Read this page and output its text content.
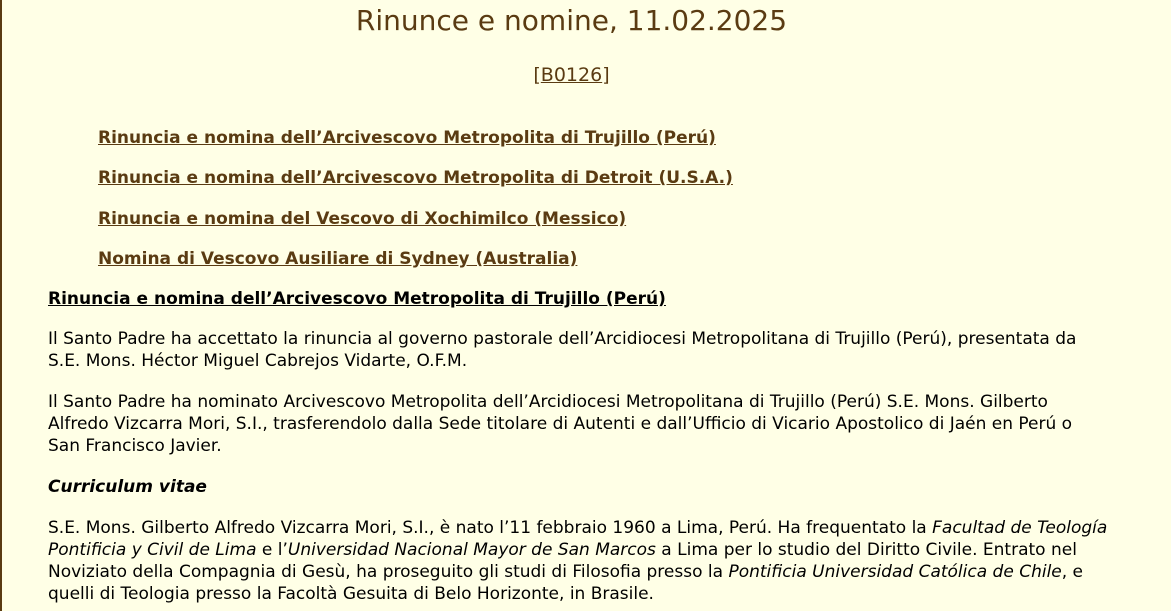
Rinunce e nomine, 11.02.2025
[B0126]
Rinuncia e nomina dell’Arcivescovo Metropolita di Trujillo (Perú)
Rinuncia e nomina dell’Arcivescovo Metropolita di Detroit (U.S.A.)
Rinuncia e nomina del Vescovo di Xochimilco (Messico)
Nomina di Vescovo Ausiliare di Sydney (Australia)
Rinuncia e nomina dell’Arcivescovo Metropolita di Trujillo (Perú)

Il Santo Padre ha accettato la rinuncia al governo pastorale dell’Arcidiocesi Metropolitana di Trujillo (Perú), presentata da S.E. Mons. Héctor Miguel Cabrejos Vidarte, O.F.M.

Il Santo Padre ha nominato Arcivescovo Metropolita dell’Arcidiocesi Metropolitana di Trujillo (Perú) S.E. Mons. Gilberto Alfredo Vizcarra Mori, S.I., trasferendolo dalla Sede titolare di Autenti e dall’Ufficio di Vicario Apostolico di Jaén en Perú o San Francisco Javier.

Curriculum vitae

S.E. Mons. Gilberto Alfredo Vizcarra Mori, S.I., è nato l’11 febbraio 1960 a Lima, Perú. Ha frequentato la Facultad de Teología Pontificia y Civil de Lima e l’Universidad Nacional Mayor de San Marcos a Lima per lo studio del Diritto Civile. Entrato nel Noviziato della Compagnia di Gesù, ha proseguito gli studi di Filosofia presso la Pontificia Universidad Católica de Chile, e quelli di Teologia presso la Facoltà Gesuita di Belo Horizonte, in Brasile.
